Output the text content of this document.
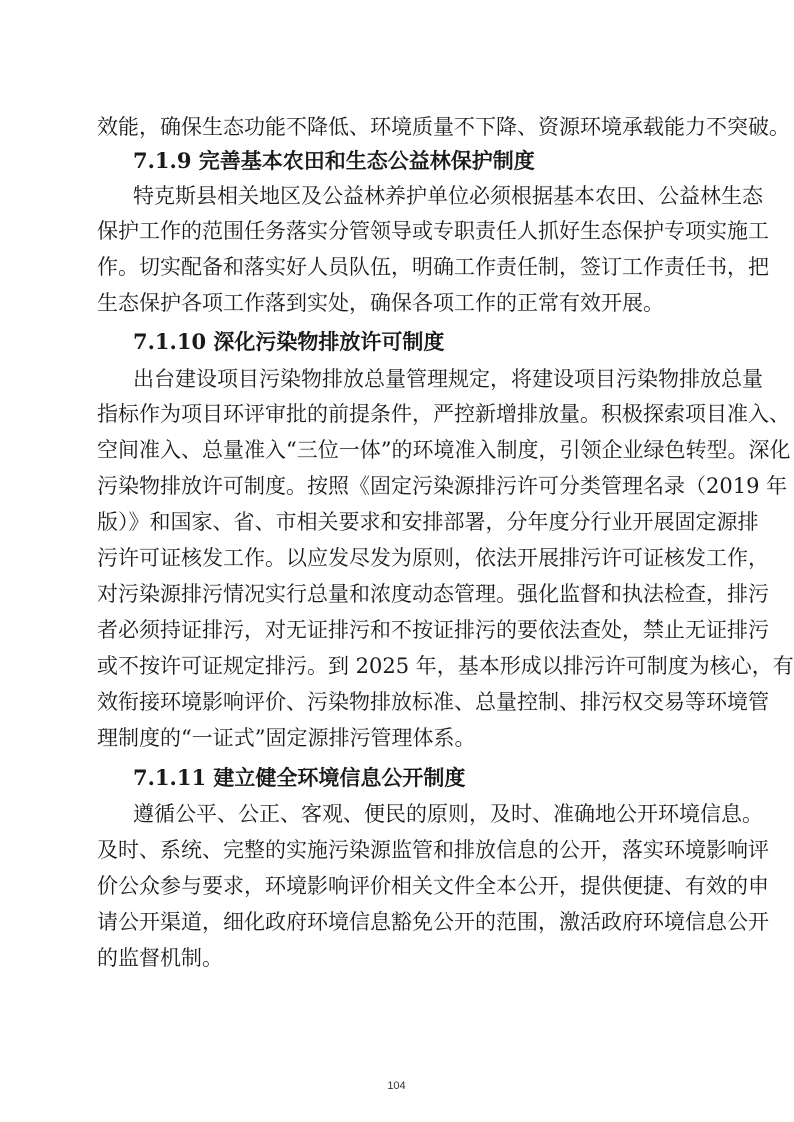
效能，确保生态功能不降低、环境质量不下降、资源环境承载能力不突破。
7.1.9 完善基本农田和生态公益林保护制度
特克斯县相关地区及公益林养护单位必须根据基本农田、公益林生态
保护工作的范围任务落实分管领导或专职责任人抓好生态保护专项实施工
作。切实配备和落实好人员队伍，明确工作责任制，签订工作责任书，把
生态保护各项工作落到实处，确保各项工作的正常有效开展。
7.1.10 深化污染物排放许可制度
出台建设项目污染物排放总量管理规定，将建设项目污染物排放总量
指标作为项目环评审批的前提条件，严控新增排放量。积极探索项目准入、
空间准入、总量准入“三位一体”的环境准入制度，引领企业绿色转型。深化
污染物排放许可制度。按照《固定污染源排污许可分类管理名录（2019 年
版）》和国家、省、市相关要求和安排部署，分年度分行业开展固定源排
污许可证核发工作。以应发尽发为原则，依法开展排污许可证核发工作，
对污染源排污情况实行总量和浓度动态管理。强化监督和执法检查，排污
者必须持证排污，对无证排污和不按证排污的要依法查处，禁止无证排污
或不按许可证规定排污。到 2025 年，基本形成以排污许可制度为核心，有
效衔接环境影响评价、污染物排放标准、总量控制、排污权交易等环境管
理制度的“一证式”固定源排污管理体系。
7.1.11 建立健全环境信息公开制度
遵循公平、公正、客观、便民的原则，及时、准确地公开环境信息。
及时、系统、完整的实施污染源监管和排放信息的公开，落实环境影响评
价公众参与要求，环境影响评价相关文件全本公开，提供便捷、有效的申
请公开渠道，细化政府环境信息豁免公开的范围，激活政府环境信息公开
的监督机制。
104
